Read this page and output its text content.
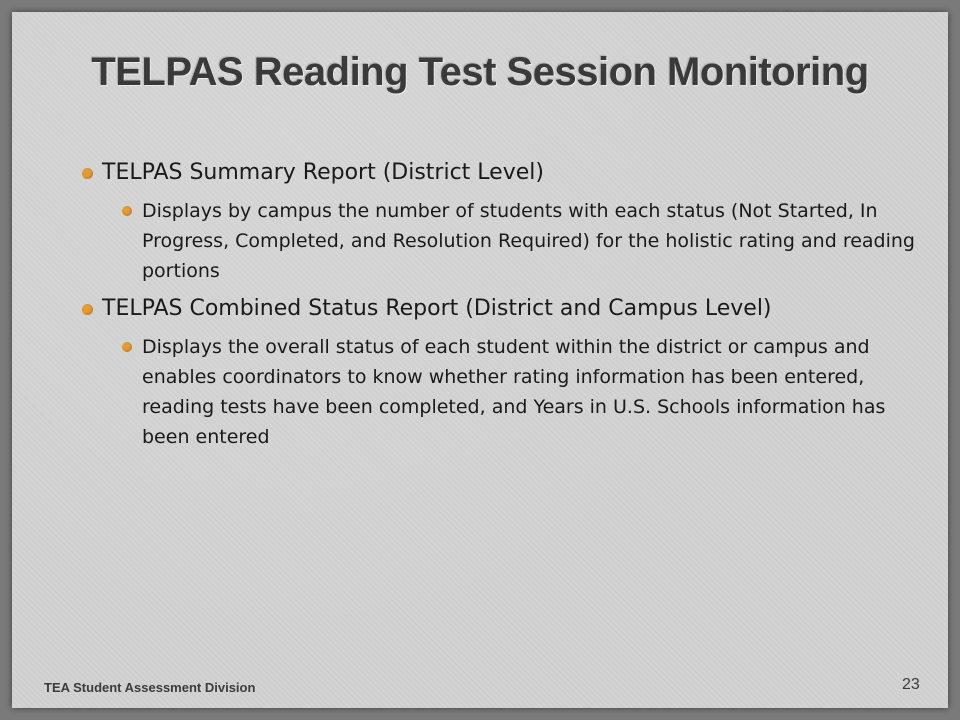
TELPAS Reading Test Session Monitoring
TELPAS Summary Report (District Level)
Displays by campus the number of students with each status (Not Started, In Progress, Completed, and Resolution Required) for the holistic rating and reading portions
TELPAS Combined Status Report (District and Campus Level)
Displays the overall status of each student within the district or campus and enables coordinators to know whether rating information has been entered, reading tests have been completed, and Years in U.S. Schools information has been entered
TEA Student Assessment Division	23
